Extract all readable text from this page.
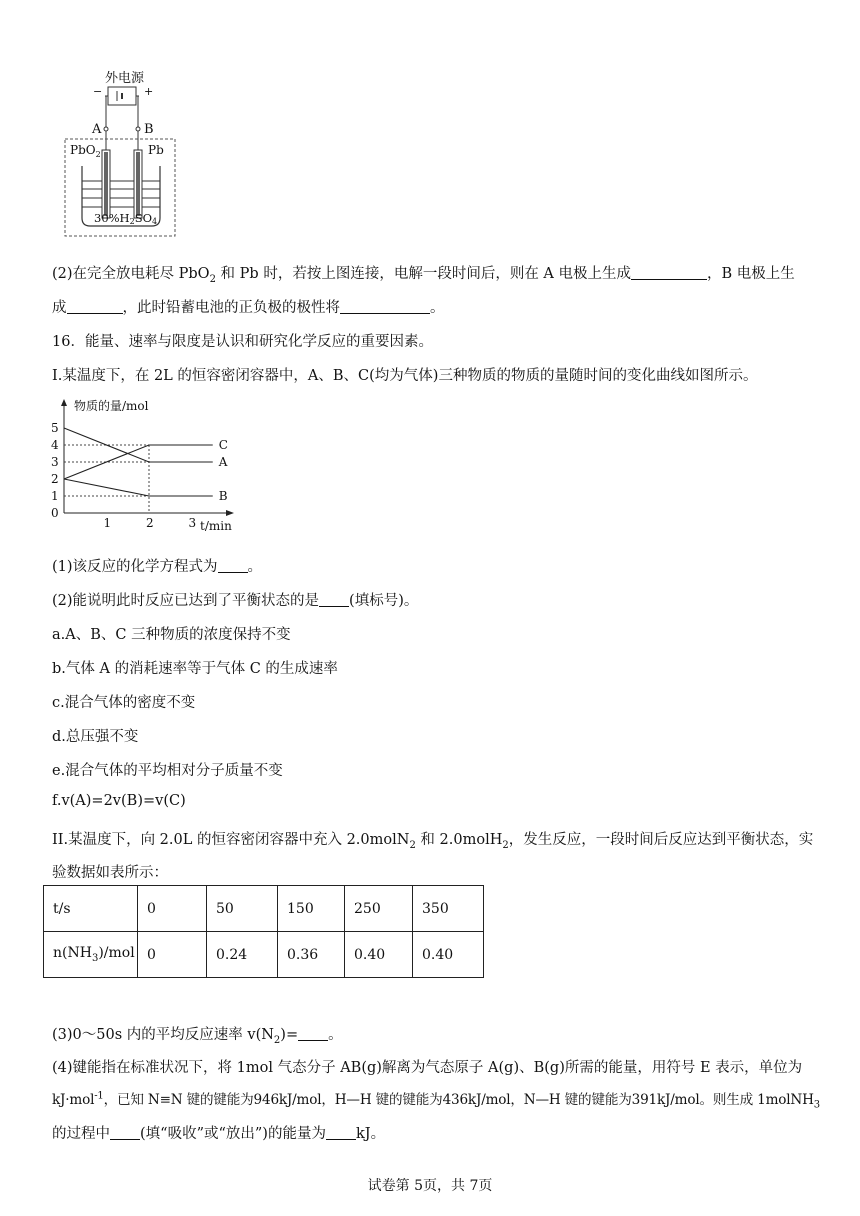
外电源
−	+
A	B
PbO$_2$	Pb
30%H2SO4
(2)在完全放电耗尽 PbO$_2$ 和 Pb 时，若按上图连接，电解一段时间后，则在 A 电极上生成	，B 电极上生
成	，此时铅蓄电池的正负极的极性将	。
16．能量、速率与限度是认识和研究化学反应的重要因素。
I.某温度下，在 2L 的恒容密闭容器中，A、B、C(均为气体)三种物质的物质的量随时间的变化曲线如图所示。
物质的量/mol
t/min
0
1
2
3
4
5
1	2	3
A
B
C
(1)该反应的化学方程式为 。
(2)能说明此时反应已达到了平衡状态的是 (填标号)。
a.A、B、C 三种物质的浓度保持不变
b.气体 A 的消耗速率等于气体 C 的生成速率
c.混合气体的密度不变
d.总压强不变
e.混合气体的平均相对分子质量不变
f.v(A)=2v(B)=v(C)
II.某温度下，向 2.0L 的恒容密闭容器中充入 2.0molN$_2$ 和 2.0molH$_2$，发生反应，一段时间后反应达到平衡状态，实
验数据如表所示：
t/s	0	50	150	250	350
$n(NH_3)$/mol	0	0.24	0.36	0.40	0.40
(3)0～50s 内的平均反应速率 $v(N_2)=$ 。
(4)键能指在标准状况下，将 1mol 气态分子 AB(g)解离为气态原子 A(g)、B(g)所需的能量，用符号 E 表示，单位为
kJ·mol$^{-1}$，已知 N≡N 键的键能为946kJ/mol，H—H 键的键能为436kJ/mol，N—H 键的键能为391kJ/mol。则生成 1molNH$_3$
的过程中 (填“吸收”或“放出”)的能量为 kJ。
试卷第 5页，共 7页
